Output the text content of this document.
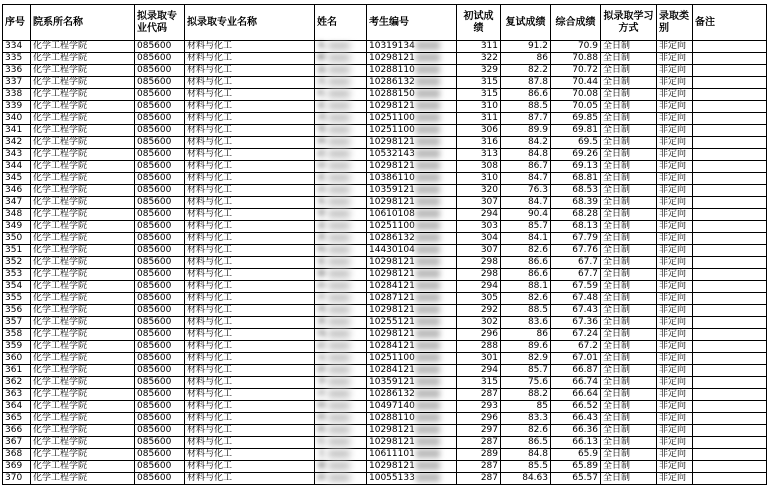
序号	院系所名称	拟录取专业代码	拟录取专业名称	姓名	考生编号	初试成绩	复试成绩	综合成绩	拟录取学习方式	录取类别	备注
334	化学工程学院	085600	材料与化工	朱	10319134	311	91.2	70.9	全日制	非定向	
335	化学工程学院	085600	材料与化工	解	10298121	322	86	70.88	全日制	非定向	
336	化学工程学院	085600	材料与化工	温	10288110	329	82.2	70.72	全日制	非定向	
337	化学工程学院	085600	材料与化工	沈	10286132	315	87.8	70.44	全日制	非定向	
338	化学工程学院	085600	材料与化工	杜	10288150	315	86.6	70.08	全日制	非定向	
339	化学工程学院	085600	材料与化工	张	10298121	310	88.5	70.05	全日制	非定向	
340	化学工程学院	085600	材料与化工	刘	10251100	311	87.7	69.85	全日制	非定向	
341	化学工程学院	085600	材料与化工	鄂	10251100	306	89.9	69.81	全日制	非定向	
342	化学工程学院	085600	材料与化工	林	10298121	316	84.2	69.5	全日制	非定向	
343	化学工程学院	085600	材料与化工	赵	10532143	313	84.8	69.26	全日制	非定向	
344	化学工程学院	085600	材料与化工	徐	10298121	308	86.7	69.13	全日制	非定向	
345	化学工程学院	085600	材料与化工	张	10386110	310	84.7	68.81	全日制	非定向	
346	化学工程学院	085600	材料与化工	由	10359121	320	76.3	68.53	全日制	非定向	
347	化学工程学院	085600	材料与化工	朱	10298121	307	84.7	68.39	全日制	非定向	
348	化学工程学院	085600	材料与化工	曾	10610108	294	90.4	68.28	全日制	非定向	
349	化学工程学院	085600	材料与化工	姜	10251100	303	85.7	68.13	全日制	非定向	
350	化学工程学院	085600	材料与化工	黄	10286132	304	84.1	67.79	全日制	非定向	
351	化学工程学院	085600	材料与化工	杨	14430104	307	82.6	67.76	全日制	非定向	
352	化学工程学院	085600	材料与化工	张	10298121	298	86.6	67.7	全日制	非定向	
353	化学工程学院	085600	材料与化工	滕	10298121	298	86.6	67.7	全日制	非定向	
354	化学工程学院	085600	材料与化工	孙	10284121	294	88.1	67.59	全日制	非定向	
355	化学工程学院	085600	材料与化工	许	10287121	305	82.6	67.48	全日制	非定向	
356	化学工程学院	085600	材料与化工	周	10298121	292	88.5	67.43	全日制	非定向	
357	化学工程学院	085600	材料与化工	黄	10255121	302	83.6	67.36	全日制	非定向	
358	化学工程学院	085600	材料与化工	钱	10298121	296	86	67.24	全日制	非定向	
359	化学工程学院	085600	材料与化工	赵	10284121	288	89.6	67.2	全日制	非定向	
360	化学工程学院	085600	材料与化工	吴	10251100	301	82.9	67.01	全日制	非定向	
361	化学工程学院	085600	材料与化工	薛	10284121	294	85.7	66.87	全日制	非定向	
362	化学工程学院	085600	材料与化工	李	10359121	315	75.6	66.74	全日制	非定向	
363	化学工程学院	085600	材料与化工	许	10286132	287	88.2	66.64	全日制	非定向	
364	化学工程学院	085600	材料与化工	韩	10497140	293	85	66.52	全日制	非定向	
365	化学工程学院	085600	材料与化工	韩	10288110	296	83.3	66.43	全日制	非定向	
366	化学工程学院	085600	材料与化工	陈	10298121	297	82.6	66.36	全日制	非定向	
367	化学工程学院	085600	材料与化工	任	10298121	287	86.5	66.13	全日制	非定向	
368	化学工程学院	085600	材料与化工	王	10611101	289	84.8	65.9	全日制	非定向	
369	化学工程学院	085600	材料与化工	谢	10298121	287	85.5	65.89	全日制	非定向	
370	化学工程学院	085600	材料与化工	薛	10055133	287	84.63	65.57	全日制	非定向	
